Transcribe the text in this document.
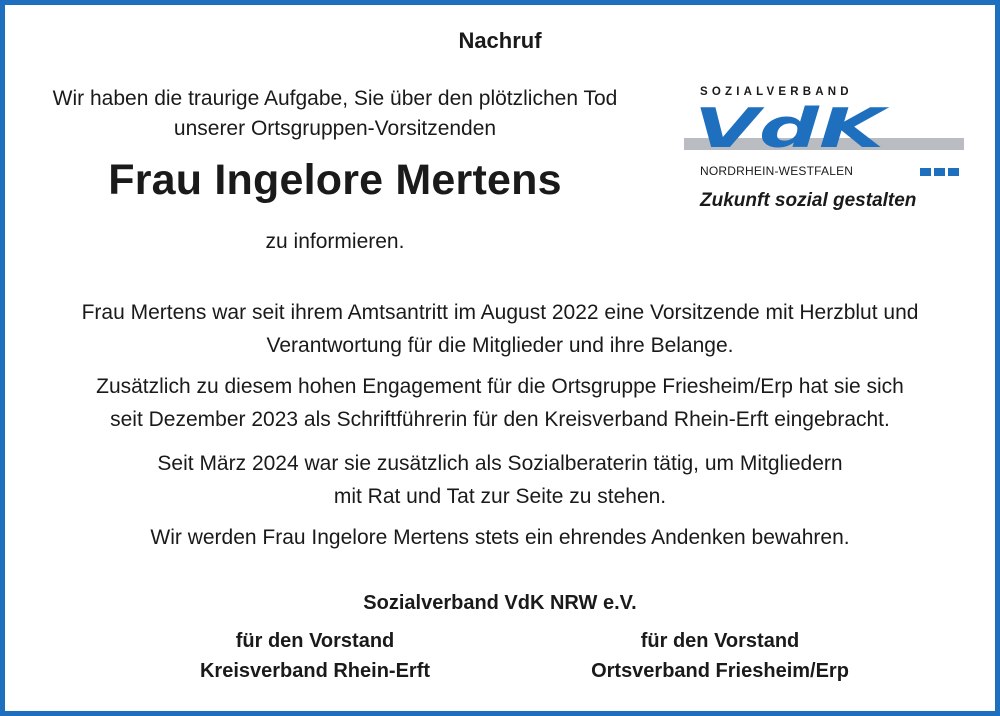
Nachruf
Wir haben die traurige Aufgabe, Sie über den plötzlichen Tod
unserer Ortsgruppen-Vorsitzenden
Frau Ingelore Mertens
zu informieren.
Frau Mertens war seit ihrem Amtsantritt im August 2022 eine Vorsitzende mit Herzblut und
Verantwortung für die Mitglieder und ihre Belange.
Zusätzlich zu diesem hohen Engagement für die Ortsgruppe Friesheim/Erp hat sie sich
seit Dezember 2023 als Schriftführerin für den Kreisverband Rhein-Erft eingebracht.
Seit März 2024 war sie zusätzlich als Sozialberaterin tätig, um Mitgliedern
mit Rat und Tat zur Seite zu stehen.
Wir werden Frau Ingelore Mertens stets ein ehrendes Andenken bewahren.
Sozialverband VdK NRW e.V.
für den Vorstand
Kreisverband Rhein-Erft
für den Vorstand
Ortsverband Friesheim/Erp
SOZIALVERBAND
VdK
NORDRHEIN-WESTFALEN
Zukunft sozial gestalten
